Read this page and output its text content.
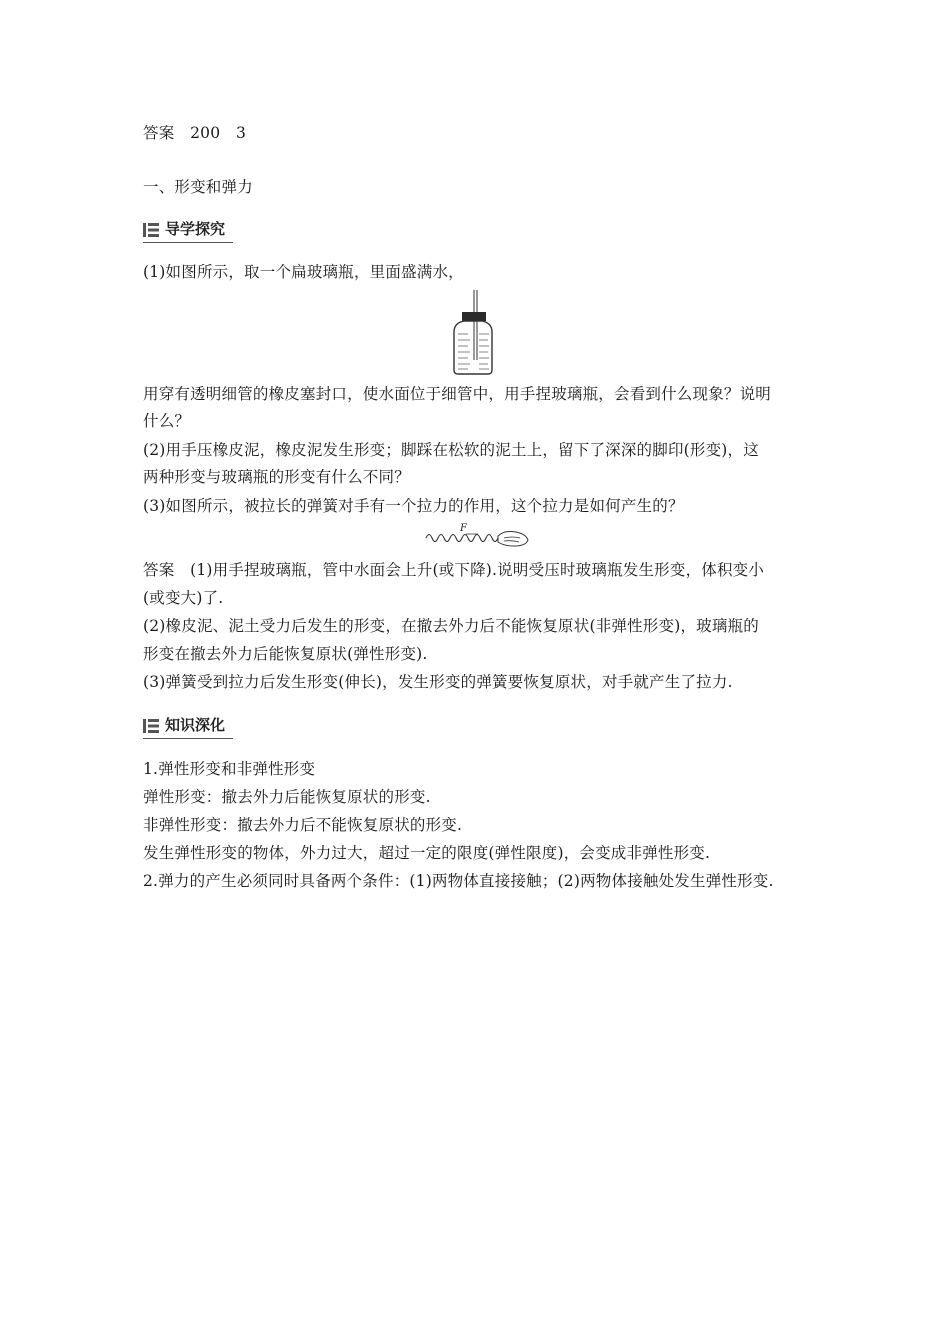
答案　200　3
一、形变和弹力
导学探究
(1)如图所示，取一个扁玻璃瓶，里面盛满水，
用穿有透明细管的橡皮塞封口，使水面位于细管中，用手捏玻璃瓶，会看到什么现象？说明
什么？
(2)用手压橡皮泥，橡皮泥发生形变；脚踩在松软的泥土上，留下了深深的脚印(形变)，这
两种形变与玻璃瓶的形变有什么不同？
(3)如图所示，被拉长的弹簧对手有一个拉力的作用，这个拉力是如何产生的？
F
答案　(1)用手捏玻璃瓶，管中水面会上升(或下降).说明受压时玻璃瓶发生形变，体积变小
(或变大)了.
(2)橡皮泥、泥土受力后发生的形变，在撤去外力后不能恢复原状(非弹性形变)，玻璃瓶的
形变在撤去外力后能恢复原状(弹性形变).
(3)弹簧受到拉力后发生形变(伸长)，发生形变的弹簧要恢复原状，对手就产生了拉力.
知识深化
1.弹性形变和非弹性形变
弹性形变：撤去外力后能恢复原状的形变.
非弹性形变：撤去外力后不能恢复原状的形变.
发生弹性形变的物体，外力过大，超过一定的限度(弹性限度)，会变成非弹性形变.
2.弹力的产生必须同时具备两个条件：(1)两物体直接接触；(2)两物体接触处发生弹性形变.
